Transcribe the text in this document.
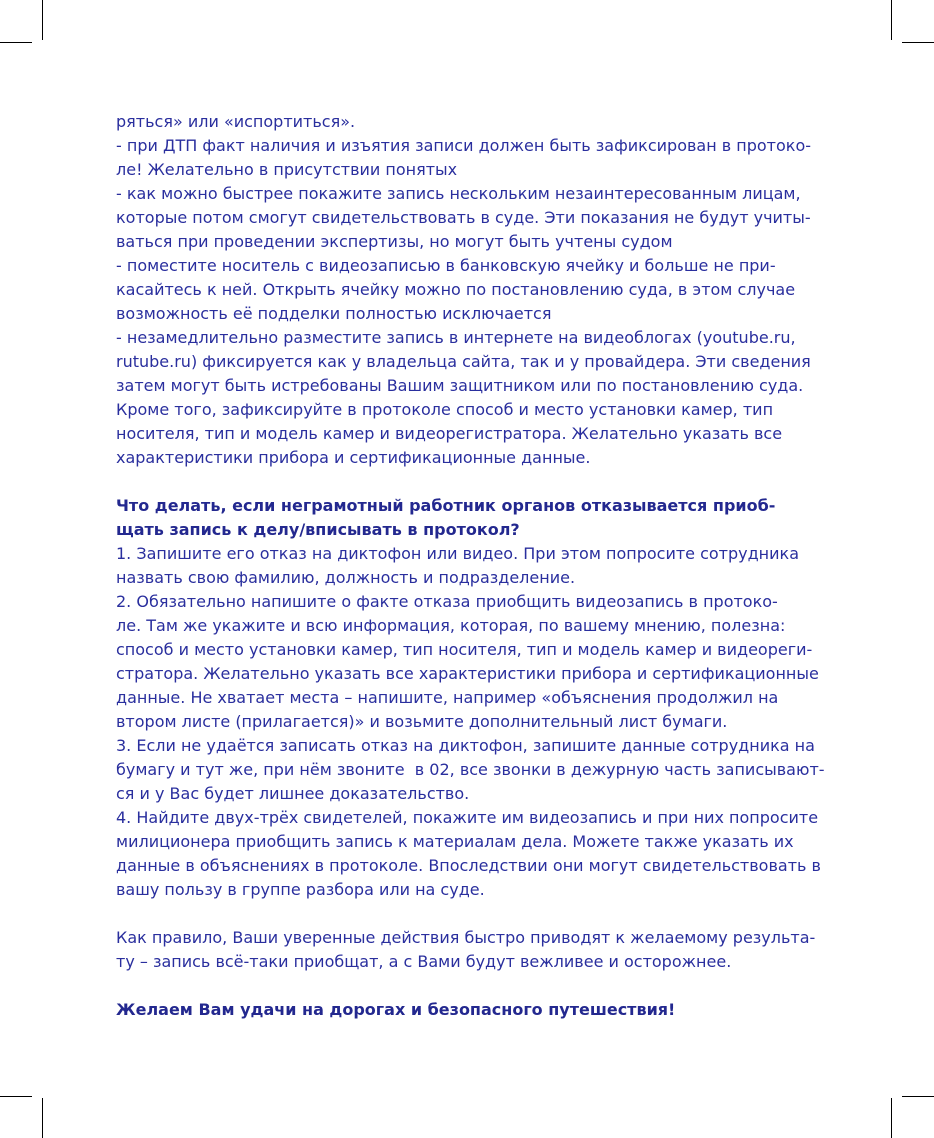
ряться» или «испортиться».
- при ДТП факт наличия и изъятия записи должен быть зафиксирован в протоко-
ле! Желательно в присутствии понятых
- как можно быстрее покажите запись нескольким незаинтересованным лицам,
которые потом смогут свидетельствовать в суде. Эти показания не будут учиты-
ваться при проведении экспертизы, но могут быть учтены судом
- поместите носитель с видеозаписью в банковскую ячейку и больше не при-
касайтесь к ней. Открыть ячейку можно по постановлению суда, в этом случае
возможность её подделки полностью исключается
- незамедлительно разместите запись в интернете на видеоблогах (youtube.ru,
rutube.ru) фиксируется как у владельца сайта, так и у провайдера. Эти сведения
затем могут быть истребованы Вашим защитником или по постановлению суда.
Кроме того, зафиксируйте в протоколе способ и место установки камер, тип
носителя, тип и модель камер и видеорегистратора. Желательно указать все
характеристики прибора и сертификационные данные.
Что делать, если неграмотный работник органов отказывается приоб-
щать запись к делу/вписывать в протокол?
1. Запишите его отказ на диктофон или видео. При этом попросите сотрудника
назвать свою фамилию, должность и подразделение.
2. Обязательно напишите о факте отказа приобщить видеозапись в протоко-
ле. Там же укажите и всю информация, которая, по вашему мнению, полезна:
способ и место установки камер, тип носителя, тип и модель камер и видеореги-
стратора. Желательно указать все характеристики прибора и сертификационные
данные. Не хватает места – напишите, например «объяснения продолжил на
втором листе (прилагается)» и возьмите дополнительный лист бумаги.
3. Если не удаётся записать отказ на диктофон, запишите данные сотрудника на
бумагу и тут же, при нём звоните  в 02, все звонки в дежурную часть записывают-
ся и у Вас будет лишнее доказательство.
4. Найдите двух-трёх свидетелей, покажите им видеозапись и при них попросите
милиционера приобщить запись к материалам дела. Можете также указать их
данные в объяснениях в протоколе. Впоследствии они могут свидетельствовать в
вашу пользу в группе разбора или на суде.
Как правило, Ваши уверенные действия быстро приводят к желаемому результа-
ту – запись всё-таки приобщат, а с Вами будут вежливее и осторожнее.
Желаем Вам удачи на дорогах и безопасного путешествия!
